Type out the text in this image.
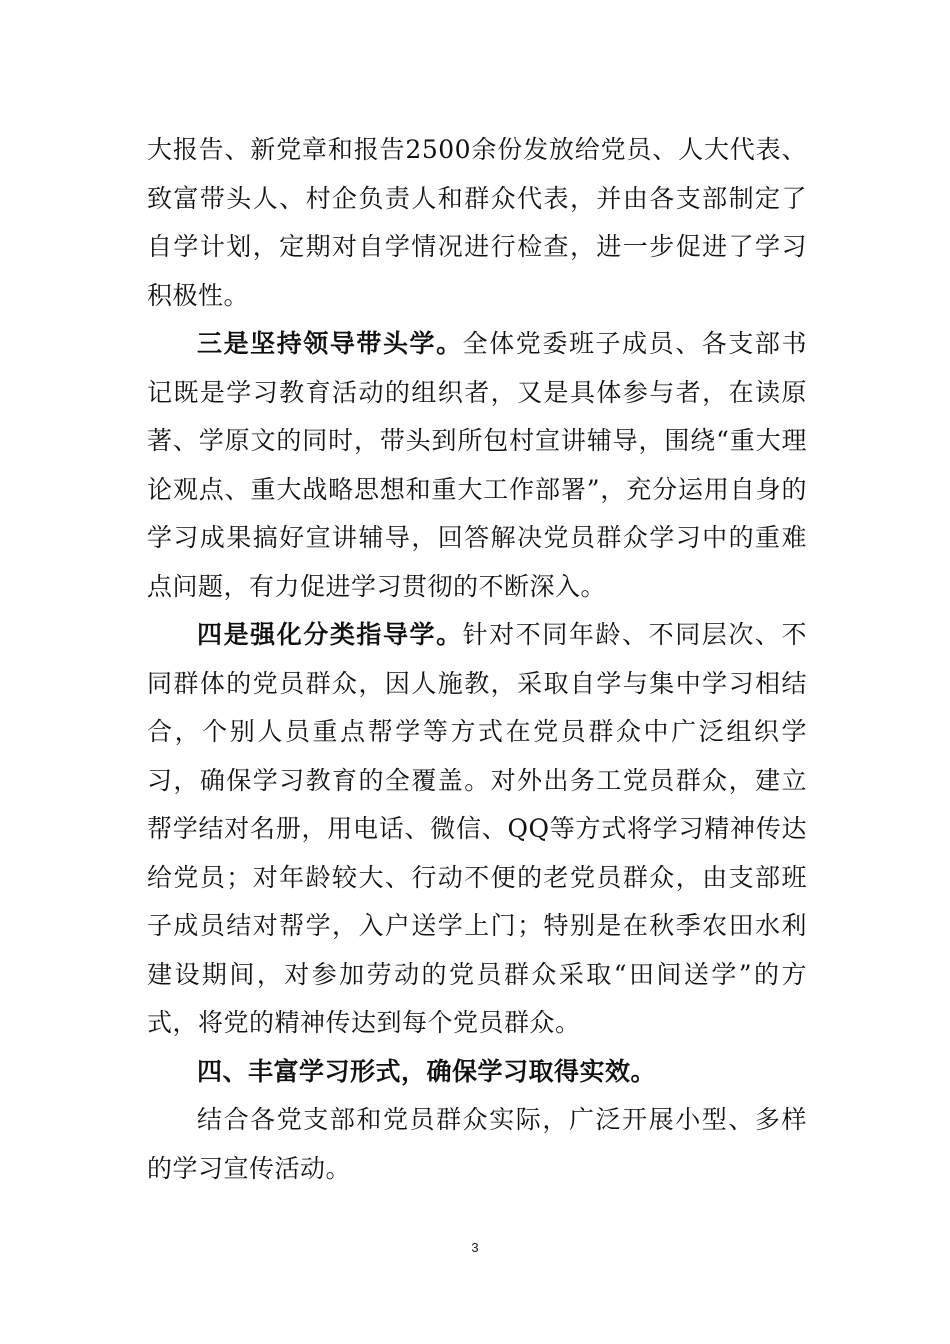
大报告、新党章和报告2500余份发放给党员、人大代表、致富带头人、村企负责人和群众代表，并由各支部制定了自学计划，定期对自学情况进行检查，进一步促进了学习积极性。

三是坚持领导带头学。全体党委班子成员、各支部书记既是学习教育活动的组织者，又是具体参与者，在读原著、学原文的同时，带头到所包村宣讲辅导，围绕“重大理论观点、重大战略思想和重大工作部署”，充分运用自身的学习成果搞好宣讲辅导，回答解决党员群众学习中的重难点问题，有力促进学习贯彻的不断深入。

四是强化分类指导学。针对不同年龄、不同层次、不同群体的党员群众，因人施教，采取自学与集中学习相结合，个别人员重点帮学等方式在党员群众中广泛组织学习，确保学习教育的全覆盖。对外出务工党员群众，建立帮学结对名册，用电话、微信、QQ等方式将学习精神传达给党员；对年龄较大、行动不便的老党员群众，由支部班子成员结对帮学，入户送学上门；特别是在秋季农田水利建设期间，对参加劳动的党员群众采取“田间送学”的方式，将党的精神传达到每个党员群众。

四、丰富学习形式，确保学习取得实效。

结合各党支部和党员群众实际，广泛开展小型、多样的学习宣传活动。

3
